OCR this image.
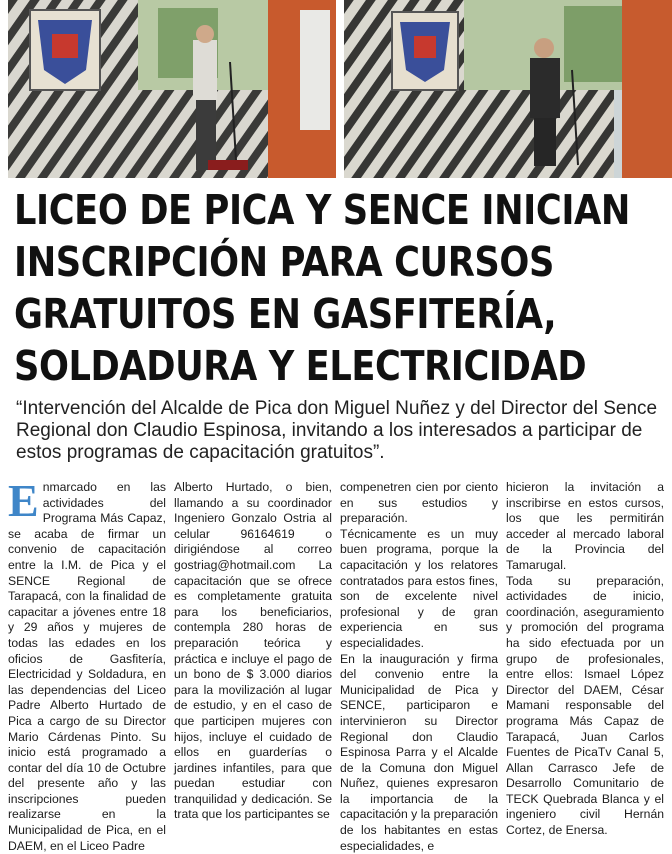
LICEO DE PICA Y SENCE INICIAN
INSCRIPCIÓN PARA CURSOS
GRATUITOS EN GASFITERÍA,
SOLDADURA Y ELECTRICIDAD

“Intervención del Alcalde de Pica don Miguel Nuñez y del Director del Sence Regional don Claudio Espinosa, invitando a los interesados a participar de estos programas de capacitación gratuitos”.

E nmarcado en las actividades del Programa Más Capaz, se acaba de firmar un convenio de capacitación entre la I.M. de Pica y el SENCE Regional de Tarapacá, con la finalidad de capacitar a jóvenes entre 18 y 29 años y mujeres de todas las edades en los oficios de Gasfitería, Electricidad y Soldadura, en las dependencias del Liceo Padre Alberto Hurtado de Pica a cargo de su Director Mario Cárdenas Pinto. Su inicio está programado a contar del día 10 de Octubre del presente año y las inscripciones pueden realizarse en la Municipalidad de Pica, en el DAEM, en el Liceo Padre

Alberto Hurtado, o bien, llamando a su coordinador Ingeniero Gonzalo Ostria al celular 96164619 o dirigiéndose al correo gostriag@hotmail.com La capacitación que se ofrece es completamente gratuita para los beneficiarios, contempla 280 horas de preparación teórica y práctica e incluye el pago de un bono de $ 3.000 diarios para la movilización al lugar de estudio, y en el caso de que participen mujeres con hijos, incluye el cuidado de ellos en guarderías o jardines infantiles, para que puedan estudiar con tranquilidad y dedicación. Se trata que los participantes se

compenetren cien por ciento en sus estudios y preparación.

Técnicamente es un muy buen programa, porque la capacitación y los relatores contratados para estos fines, son de excelente nivel profesional y de gran experiencia en sus especialidades.

En la inauguración y firma del convenio entre la Municipalidad de Pica y SENCE, participaron e intervinieron su Director Regional don Claudio Espinosa Parra y el Alcalde de la Comuna don Miguel Nuñez, quienes expresaron la importancia de la capacitación y la preparación de los habitantes en estas especialidades, e

hicieron la invitación a inscribirse en estos cursos, los que les permitirán acceder al mercado laboral de la Provincia del Tamarugal.

Toda su preparación, actividades de inicio, coordinación, aseguramiento y promoción del programa ha sido efectuada por un grupo de profesionales, entre ellos: Ismael López Director del DAEM, César Mamani responsable del programa Más Capaz de Tarapacá, Juan Carlos Fuentes de PicaTv Canal 5, Allan Carrasco Jefe de Desarrollo Comunitario de TECK Quebrada Blanca y el ingeniero civil Hernán Cortez, de Enersa.
